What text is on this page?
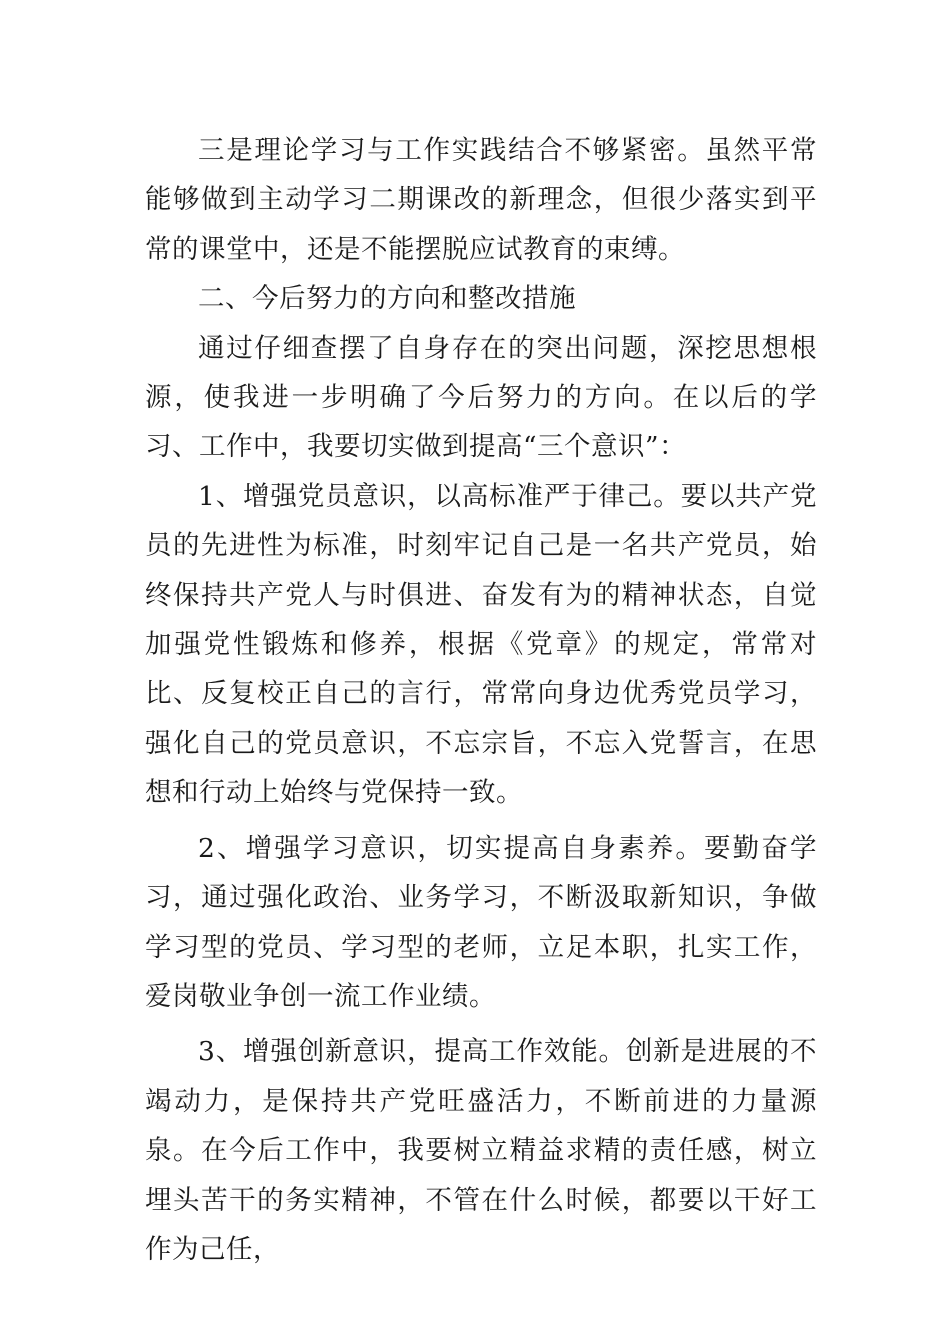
三是理论学习与工作实践结合不够紧密。虽然平常能够做到主动学习二期课改的新理念，但很少落实到平常的课堂中，还是不能摆脱应试教育的束缚。

二、今后努力的方向和整改措施

通过仔细查摆了自身存在的突出问题，深挖思想根源，使我进一步明确了今后努力的方向。在以后的学习、工作中，我要切实做到提高“三个意识”：

1、增强党员意识，以高标准严于律己。要以共产党员的先进性为标准，时刻牢记自己是一名共产党员，始终保持共产党人与时俱进、奋发有为的精神状态，自觉加强党性锻炼和修养，根据《党章》的规定，常常对比、反复校正自己的言行，常常向身边优秀党员学习，强化自己的党员意识，不忘宗旨，不忘入党誓言，在思想和行动上始终与党保持一致。

2、增强学习意识，切实提高自身素养。要勤奋学习，通过强化政治、业务学习，不断汲取新知识，争做学习型的党员、学习型的老师，立足本职，扎实工作，爱岗敬业争创一流工作业绩。

3、增强创新意识，提高工作效能。创新是进展的不竭动力，是保持共产党旺盛活力，不断前进的力量源泉。在今后工作中，我要树立精益求精的责任感，树立埋头苦干的务实精神，不管在什么时候，都要以干好工作为己任，
